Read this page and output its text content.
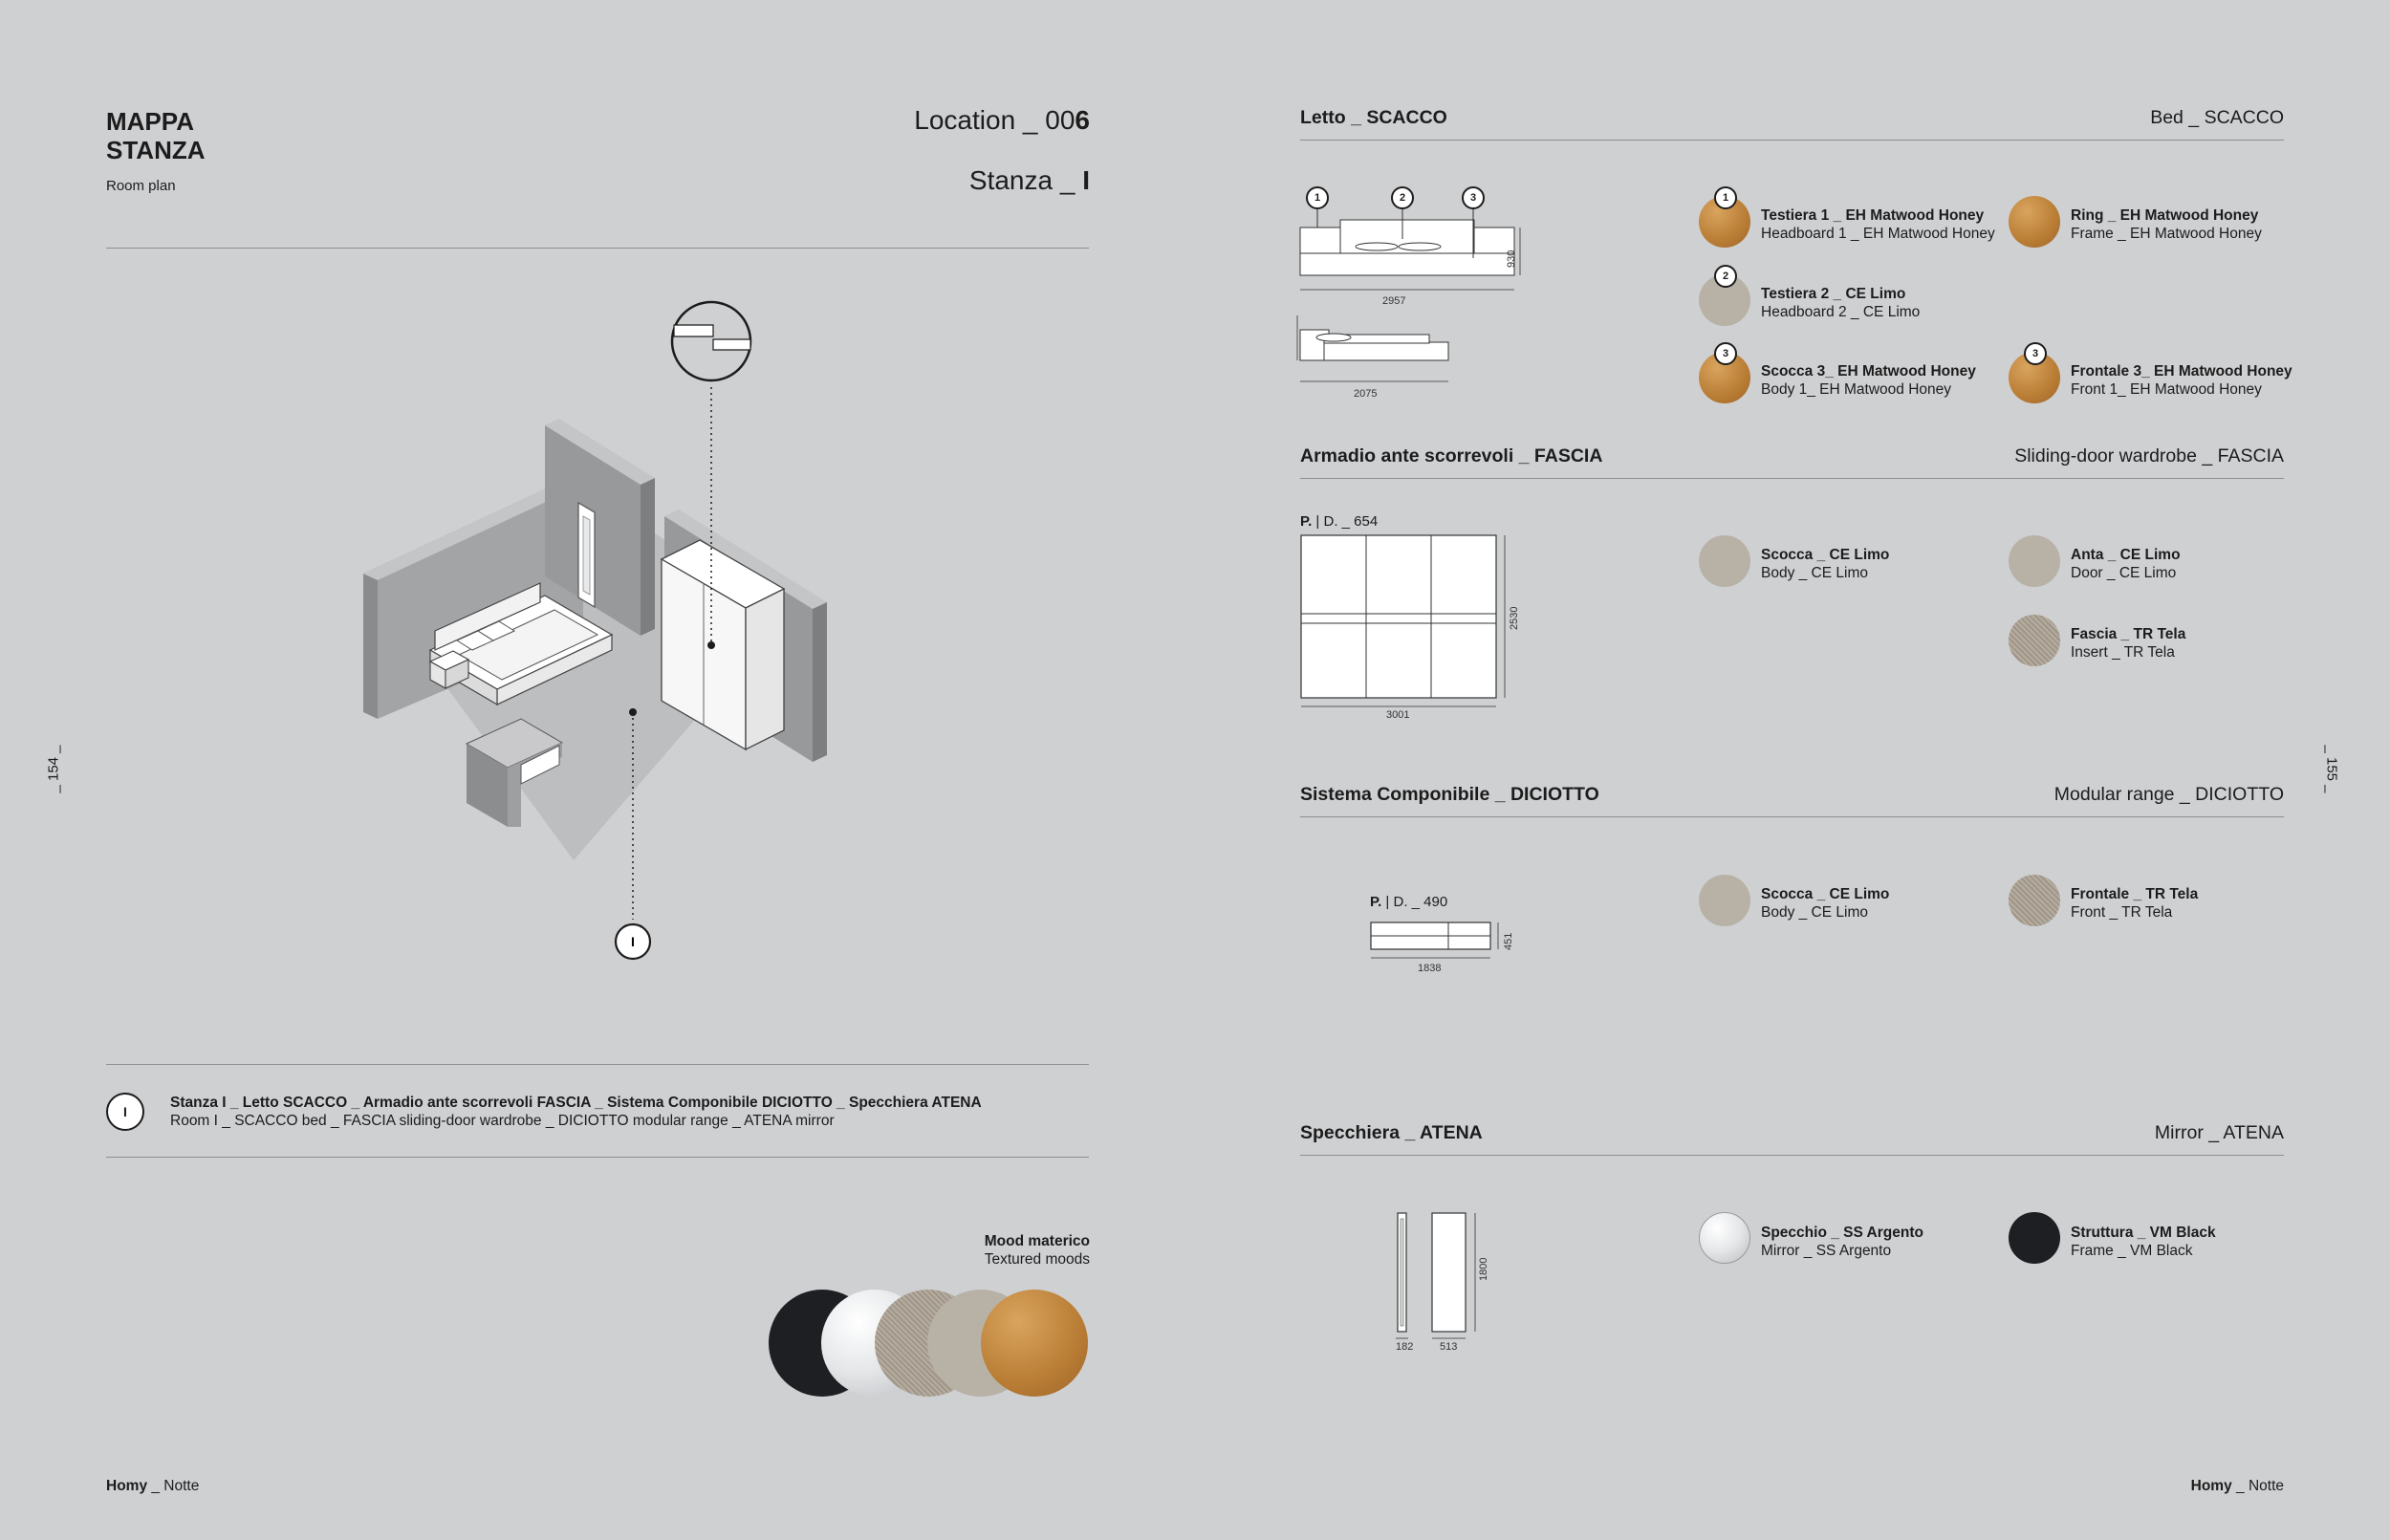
MAPPA STANZA
Room plan
Location _ 006
Stanza _ I
I
I
Stanza I _ Letto SCACCO _ Armadio ante scorrevoli FASCIA _ Sistema Componibile DICIOTTO _ Specchiera ATENA
Room I _ SCACCO bed _ FASCIA sliding-door wardrobe _ DICIOTTO modular range _ ATENA mirror
Mood materico
Textured moods
_ 154 _
Homy _ Notte
Letto _ SCACCO	Bed _ SCACCO
1	2	3
2957
930
2075
1
Testiera 1 _ EH Matwood Honey
Headboard 1 _ EH Matwood Honey
Ring _ EH Matwood Honey
Frame _ EH Matwood Honey
2
Testiera 2 _ CE Limo
Headboard 2 _ CE Limo
3
Scocca 3_ EH Matwood Honey
Body 1_ EH Matwood Honey
3
Frontale 3_ EH Matwood Honey
Front 1_ EH Matwood Honey
Armadio ante scorrevoli _ FASCIA	Sliding-door wardrobe _ FASCIA
P. | D. _ 654
3001
2530
Scocca _ CE Limo
Body _ CE Limo
Anta _ CE Limo
Door _ CE Limo
Fascia _ TR Tela
Insert _ TR Tela
Sistema Componibile _ DICIOTTO	Modular range _ DICIOTTO
P. | D. _ 490
1838
451
Scocca _ CE Limo
Body _ CE Limo
Frontale _ TR Tela
Front _ TR Tela
Specchiera _ ATENA	Mirror _ ATENA
182	513
1800
Specchio _ SS Argento
Mirror _ SS Argento
Struttura _ VM Black
Frame _ VM Black
_ 155 _
Homy _ Notte
